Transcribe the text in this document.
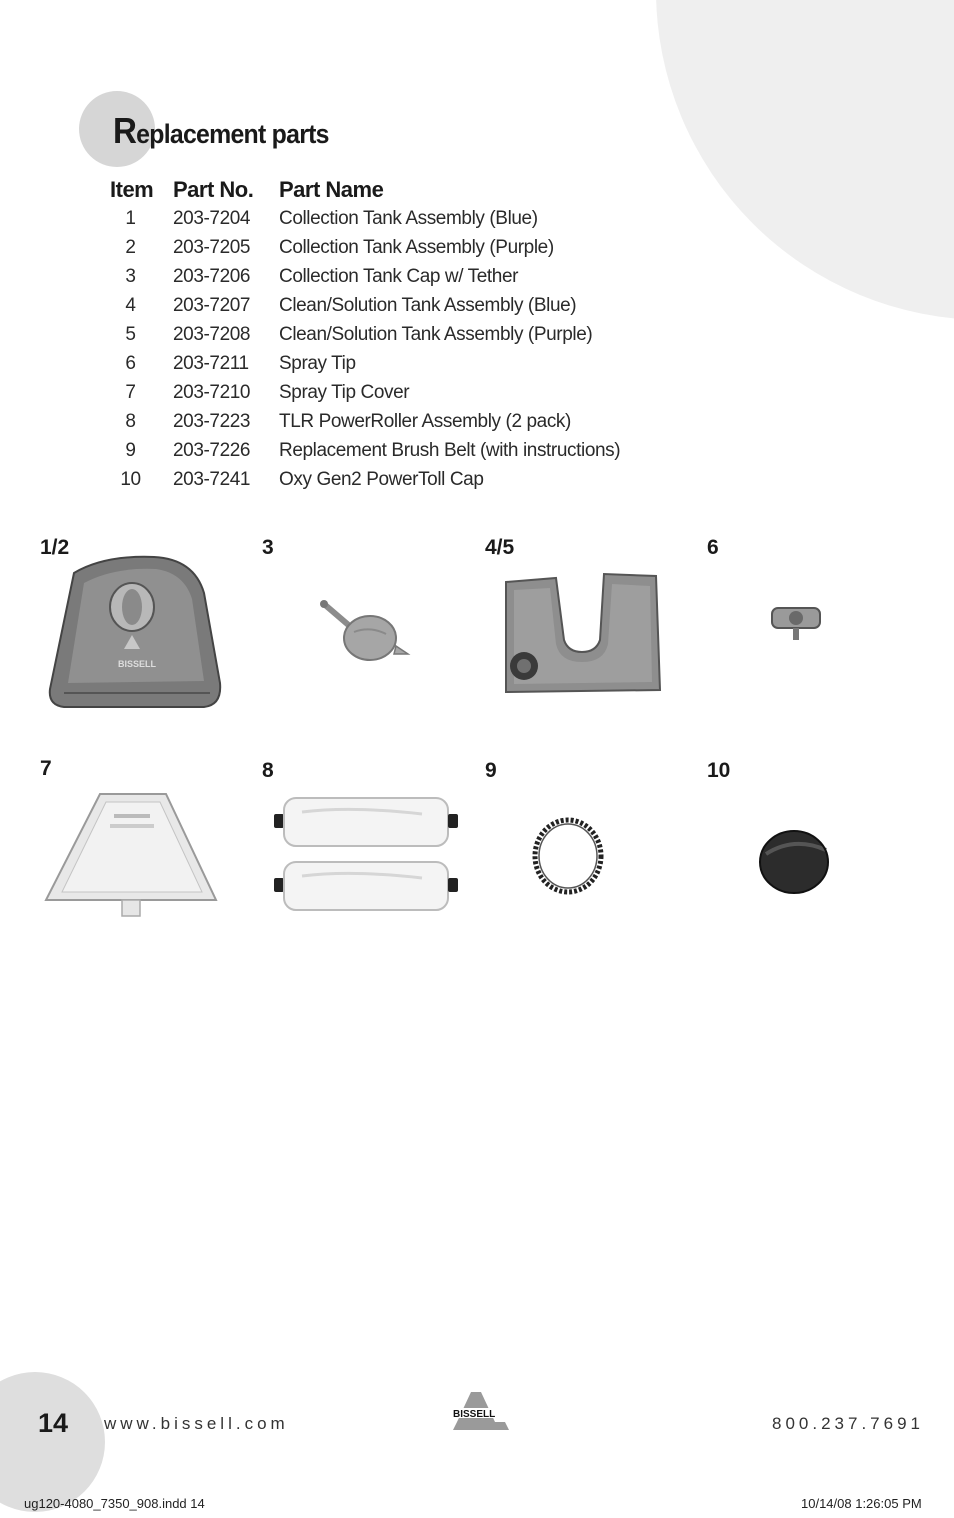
Replacement parts
Item	Part No.	Part Name
1	203-7204	Collection Tank Assembly (Blue)
2	203-7205	Collection Tank Assembly (Purple)
3	203-7206	Collection Tank Cap w/ Tether
4	203-7207	Clean/Solution Tank Assembly (Blue)
5	203-7208	Clean/Solution Tank Assembly (Purple)
6	203-7211	Spray Tip
7	203-7210	Spray Tip Cover
8	203-7223	TLR PowerRoller Assembly (2 pack)
9	203-7226	Replacement Brush Belt (with instructions)
10	203-7241	Oxy Gen2 PowerToll Cap
1/2	3	4/5	6
7	8	9	10
BISSELL
14 www.bissell.com	BISSELL	800.237.7691
ug120-4080_7350_908.indd 14	10/14/08 1:26:05 PM
